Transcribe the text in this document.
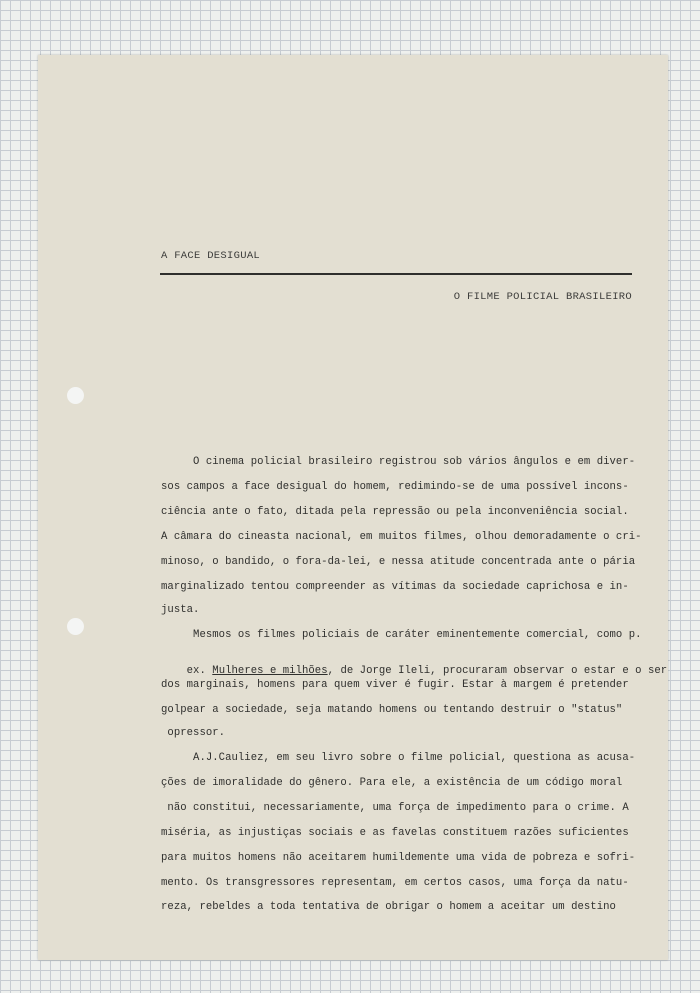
A FACE DESIGUAL
O FILME POLICIAL BRASILEIRO
O cinema policial brasileiro registrou sob vários ângulos e em diver-
sos campos a face desigual do homem, redimindo-se de uma possível incons-
ciência ante o fato, ditada pela repressão ou pela inconveniência social.
A câmara do cineasta nacional, em muitos filmes, olhou demoradamente o cri-
minoso, o bandido, o fora-da-lei, e nessa atitude concentrada ante o pária
marginalizado tentou compreender as vítimas da sociedade caprichosa e in-
justa.
Mesmos os filmes policiais de caráter eminentemente comercial, como p.

ex. Mulheres e milhões, de Jorge Ileli, procuraram observar o estar e o ser

dos marginais, homens para quem viver é fugir. Estar à margem é pretender
golpear a sociedade, seja matando homens ou tentando destruir o "status"
opressor.
A.J.Cauliez, em seu livro sobre o filme policial, questiona as acusa-
ções de imoralidade do gênero. Para ele, a existência de um código moral
não constitui, necessariamente, uma força de impedimento para o crime. A
miséria, as injustiças sociais e as favelas constituem razões suficientes
para muitos homens não aceitarem humildemente uma vida de pobreza e sofri-
mento. Os transgressores representam, em certos casos, uma força da natu-
reza, rebeldes a toda tentativa de obrigar o homem a aceitar um destino
